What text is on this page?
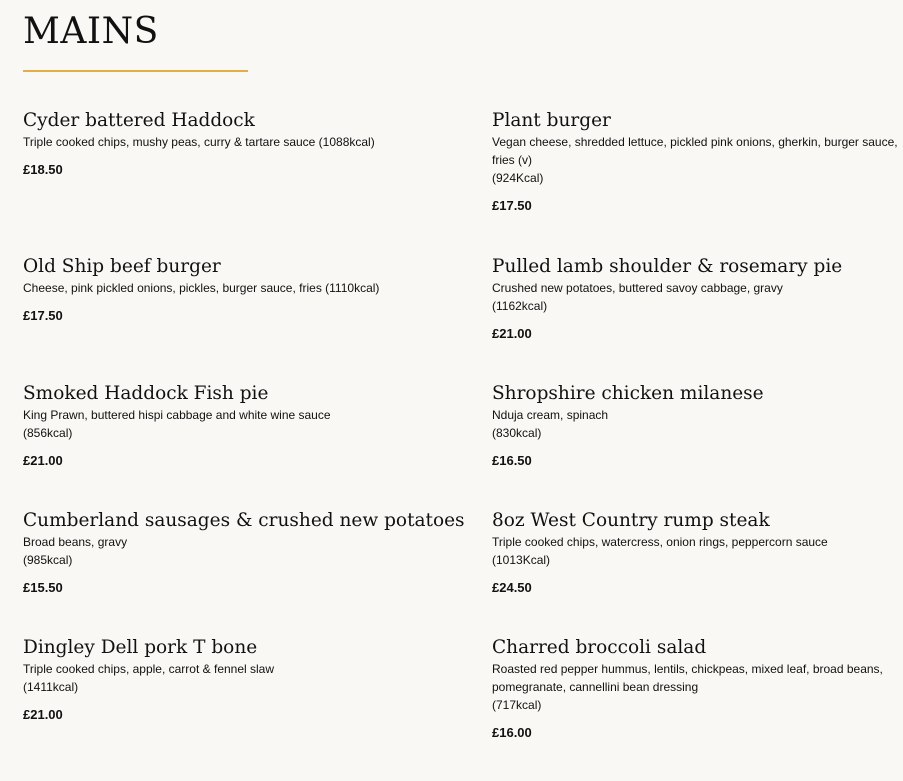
MAINS
Cyder battered Haddock
Triple cooked chips, mushy peas, curry & tartare sauce (1088kcal)
£18.50
Plant burger
Vegan cheese, shredded lettuce, pickled pink onions, gherkin, burger sauce, fries (v)
(924Kcal)
£17.50
Old Ship beef burger
Cheese, pink pickled onions, pickles, burger sauce, fries (1110kcal)
£17.50
Pulled lamb shoulder & rosemary pie
Crushed new potatoes, buttered savoy cabbage, gravy
(1162kcal)
£21.00
Smoked Haddock Fish pie
King Prawn, buttered hispi cabbage and white wine sauce
(856kcal)
£21.00
Shropshire chicken milanese
Nduja cream, spinach
(830kcal)
£16.50
Cumberland sausages & crushed new potatoes
Broad beans, gravy
(985kcal)
£15.50
8oz West Country rump steak
Triple cooked chips, watercress, onion rings, peppercorn sauce
(1013Kcal)
£24.50
Dingley Dell pork T bone
Triple cooked chips, apple, carrot & fennel slaw
(1411kcal)
£21.00
Charred broccoli salad
Roasted red pepper hummus, lentils, chickpeas, mixed leaf, broad beans, pomegranate, cannellini bean dressing
(717kcal)
£16.00
